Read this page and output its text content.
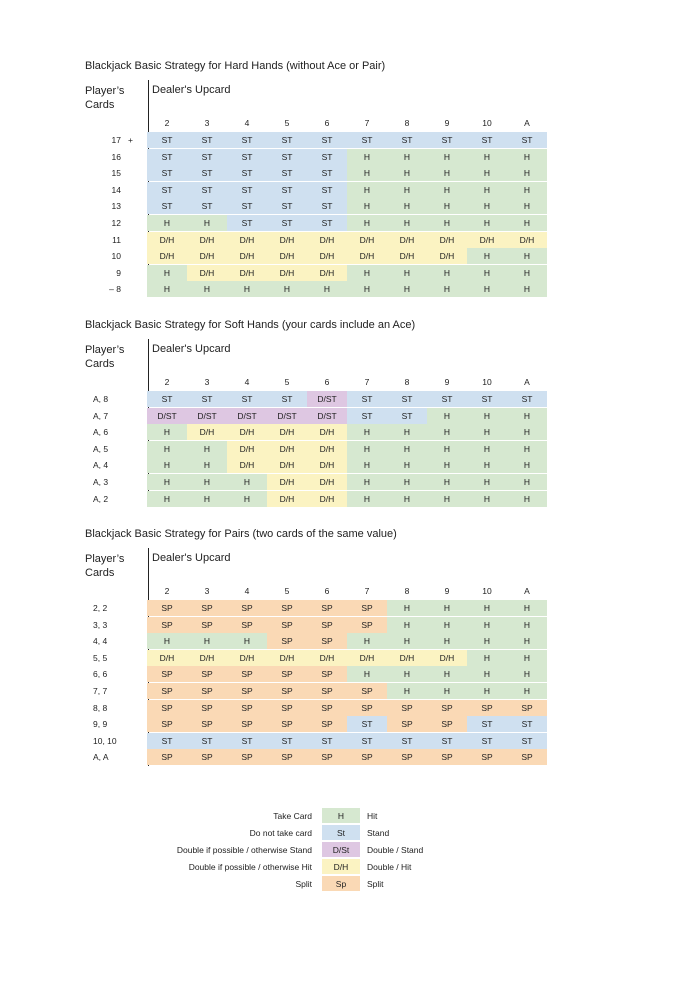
Blackjack Basic Strategy for Hard Hands (without Ace or Pair)
Player’s
Cards
Dealer's Upcard
2	3	4	5	6	7	8	9	10	A
17 +	ST	ST	ST	ST	ST	ST	ST	ST	ST	ST
16	ST	ST	ST	ST	ST	H	H	H	H	H
15	ST	ST	ST	ST	ST	H	H	H	H	H
14	ST	ST	ST	ST	ST	H	H	H	H	H
13	ST	ST	ST	ST	ST	H	H	H	H	H
12	H	H	ST	ST	ST	H	H	H	H	H
11	D/H	D/H	D/H	D/H	D/H	D/H	D/H	D/H	D/H	D/H
10	D/H	D/H	D/H	D/H	D/H	D/H	D/H	D/H	H	H
9	H	D/H	D/H	D/H	D/H	H	H	H	H	H
– 8	H	H	H	H	H	H	H	H	H	H
Blackjack Basic Strategy for Soft Hands (your cards include an Ace)
Player’s
Cards
Dealer's Upcard
2	3	4	5	6	7	8	9	10	A
A, 8	ST	ST	ST	ST	D/ST	ST	ST	ST	ST	ST
A, 7	D/ST	D/ST	D/ST	D/ST	D/ST	ST	ST	H	H	H
A, 6	H	D/H	D/H	D/H	D/H	H	H	H	H	H
A, 5	H	H	D/H	D/H	D/H	H	H	H	H	H
A, 4	H	H	D/H	D/H	D/H	H	H	H	H	H
A, 3	H	H	H	D/H	D/H	H	H	H	H	H
A, 2	H	H	H	D/H	D/H	H	H	H	H	H
Blackjack Basic Strategy for Pairs (two cards of the same value)
Player’s
Cards
Dealer's Upcard
2	3	4	5	6	7	8	9	10	A
2, 2	SP	SP	SP	SP	SP	SP	H	H	H	H
3, 3	SP	SP	SP	SP	SP	SP	H	H	H	H
4, 4	H	H	H	SP	SP	H	H	H	H	H
5, 5	D/H	D/H	D/H	D/H	D/H	D/H	D/H	D/H	H	H
6, 6	SP	SP	SP	SP	SP	H	H	H	H	H
7, 7	SP	SP	SP	SP	SP	SP	H	H	H	H
8, 8	SP	SP	SP	SP	SP	SP	SP	SP	SP	SP
9, 9	SP	SP	SP	SP	SP	ST	SP	SP	ST	ST
10, 10	ST	ST	ST	ST	ST	ST	ST	ST	ST	ST
A, A	SP	SP	SP	SP	SP	SP	SP	SP	SP	SP
Take Card	H	Hit
Do not take card	St	Stand
Double if possible / otherwise Stand	D/St	Double / Stand
Double if possible / otherwise Hit	D/H	Double / Hit
Split	Sp	Split
